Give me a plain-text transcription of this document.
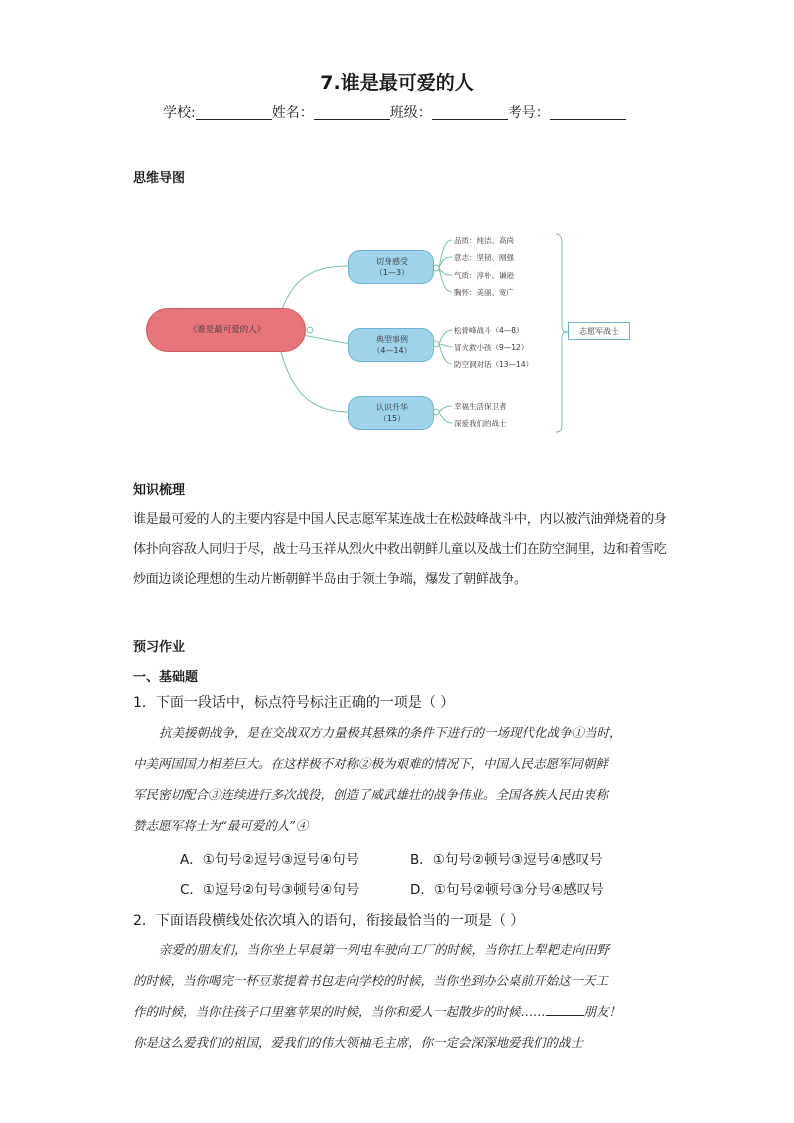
7.谁是最可爱的人
学校:	姓名：	班级：	考号：
思维导图
《谁是最可爱的人》
切身感受
（1—3）
典型事例
（4—14）
认识升华
（15）
品质：纯洁、高尚
意志：坚韧、刚强
气质：淳朴、谦逊
胸怀：美丽、宽广
松骨峰战斗（4—8）
冒火救小孩（9—12）
防空洞对话（13—14）
幸福生活保卫者
深爱我们的战士
志愿军战士
知识梳理
谁是最可爱的人的主要内容是中国人民志愿军某连战士在松鼓峰战斗中，内以被汽油弹烧着的身
体扑向容敌人同归于尽，战士马玉祥从烈火中救出朝鲜儿童以及战士们在防空洞里，边和着雪吃
炒面边谈论理想的生动片断朝鲜半岛由于领土争端，爆发了朝鲜战争。
预习作业
一、基础题
1．下面一段话中，标点符号标注正确的一项是（ ）
抗美援朝战争，是在交战双方力量极其悬殊的条件下进行的一场现代化战争①当时，
中美两国国力相差巨大。在这样极不对称②极为艰难的情况下，中国人民志愿军同朝鲜
军民密切配合③连续进行多次战役，创造了威武雄壮的战争伟业。全国各族人民由衷称
赞志愿军将士为“最可爱的人”④
A．①句号②逗号③逗号④句号	B．①句号②顿号③逗号④感叹号
C．①逗号②句号③顿号④句号	D．①句号②顿号③分号④感叹号
2．下面语段横线处依次填入的语句，衔接最恰当的一项是（ ）
亲爱的朋友们，当你坐上早晨第一列电车驶向工厂的时候，当你扛上犁耙走向田野
的时候，当你喝完一杯豆浆提着书包走向学校的时候，当你坐到办公桌前开始这一天工
作的时候，当你往孩子口里塞苹果的时候，当你和爱人一起散步的时候……	朋友！
你是这么爱我们的祖国，爱我们的伟大领袖毛主席，你一定会深深地爱我们的战士
